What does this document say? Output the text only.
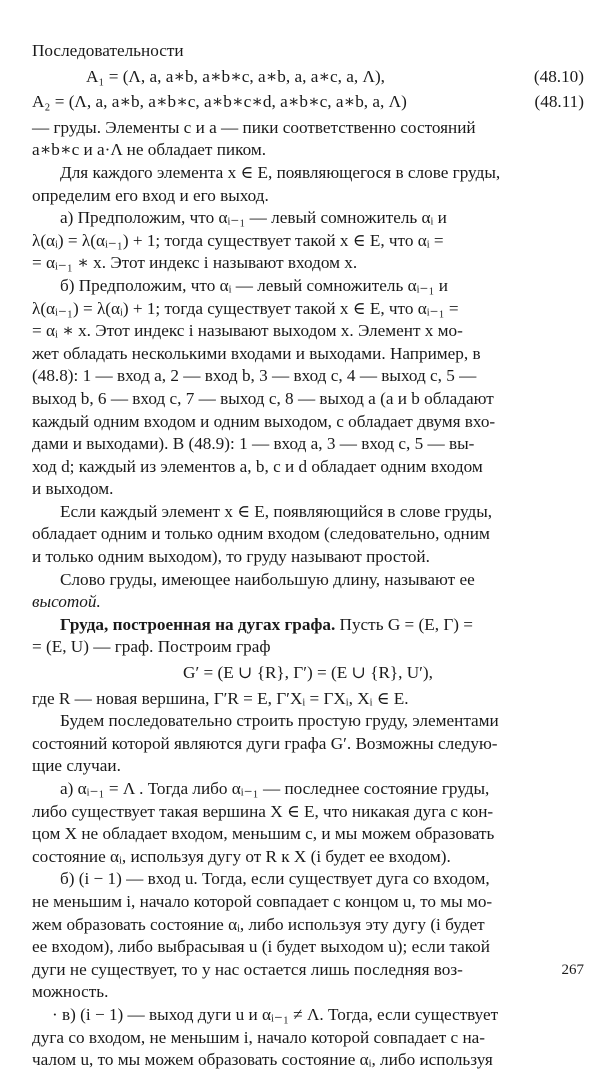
Последовательности

A₁ = (Λ, a, a∗b, a∗b∗c, a∗b, a, a∗c, a, Λ),	(48.10)
A₂ = (Λ, a, a∗b, a∗b∗c, a∗b∗c∗d, a∗b∗c, a∗b, a, Λ)	(48.11)

— груды. Элементы c и a — пики соответственно состояний
a∗b∗c и a·Λ не обладает пиком.

Для каждого элемента x ∈ E, появляющегося в слове груды,
определим его вход и его выход.

а) Предположим, что αᵢ₋₁ — левый сомножитель αᵢ и
λ(αᵢ) = λ(αᵢ₋₁) + 1; тогда существует такой x ∈ E, что αᵢ =
= αᵢ₋₁ ∗ x. Этот индекс i называют входом x.

б) Предположим, что αᵢ — левый сомножитель αᵢ₋₁ и
λ(αᵢ₋₁) = λ(αᵢ) + 1; тогда существует такой x ∈ E, что αᵢ₋₁ =
= αᵢ ∗ x. Этот индекс i называют выходом x. Элемент x мо-
жет обладать несколькими входами и выходами. Например, в
(48.8): 1 — вход a, 2 — вход b, 3 — вход c, 4 — выход c, 5 —
выход b, 6 — вход c, 7 — выход c, 8 — выход a (a и b обладают
каждый одним входом и одним выходом, c обладает двумя вхо-
дами и выходами). В (48.9): 1 — вход a, 3 — вход c, 5 — вы-
ход d; каждый из элементов a, b, c и d обладает одним входом
и выходом.

Если каждый элемент x ∈ E, появляющийся в слове груды,
обладает одним и только одним входом (следовательно, одним
и только одним выходом), то груду называют простой.

Слово груды, имеющее наибольшую длину, называют ее
высотой.

Груда, построенная на дугах графа. Пусть G = (E, Γ) =
= (E, U) — граф. Построим граф

G′ = (E ∪ {R}, Γ′) = (E ∪ {R}, U′),

где R — новая вершина, Γ′R = E, Γ′Xᵢ = ΓXᵢ, Xᵢ ∈ E.

Будем последовательно строить простую груду, элементами
состояний которой являются дуги графа G′. Возможны следую-
щие случаи.

а) αᵢ₋₁ = Λ . Тогда либо αᵢ₋₁ — последнее состояние груды,
либо существует такая вершина X ∈ E, что никакая дуга с кон-
цом X не обладает входом, меньшим c, и мы можем образовать
состояние αᵢ, используя дугу от R к X (i будет ее входом).

б) (i − 1) — вход u. Тогда, если существует дуга со входом,
не меньшим i, начало которой совпадает с концом u, то мы мо-
жем образовать состояние αᵢ, либо используя эту дугу (i будет
ее входом), либо выбрасывая u (i будет выходом u); если такой
дуги не существует, то у нас остается лишь последняя воз-
можность.

· в) (i − 1) — выход дуги u и αᵢ₋₁ ≠ Λ. Тогда, если существует
дуга со входом, не меньшим i, начало которой совпадает с на-
чалом u, то мы можем образовать состояние αᵢ, либо используя

267
